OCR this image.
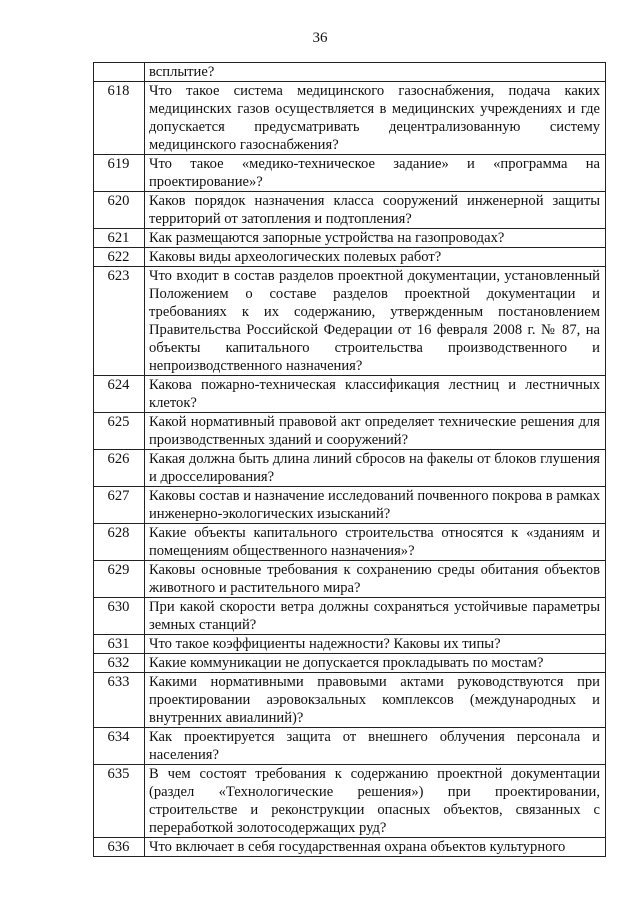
36
	всплытие?
618	Что такое система медицинского газоснабжения, подача каких медицинских газов осуществляется в медицинских учреждениях и где допускается предусматривать децентрализованную систему медицинского газоснабжения?
619	Что такое «медико-техническое задание» и «программа на проектирование»?
620	Каков порядок назначения класса сооружений инженерной защиты территорий от затопления и подтопления?
621	Как размещаются запорные устройства на газопроводах?
622	Каковы виды археологических полевых работ?
623	Что входит в состав разделов проектной документации, установленный Положением о составе разделов проектной документации и требованиях к их содержанию, утвержденным постановлением Правительства Российской Федерации от 16 февраля 2008 г. № 87, на объекты капитального строительства производственного и непроизводственного назначения?
624	Какова пожарно-техническая классификация лестниц и лестничных клеток?
625	Какой нормативный правовой акт определяет технические решения для производственных зданий и сооружений?
626	Какая должна быть длина линий сбросов на факелы от блоков глушения и дросселирования?
627	Каковы состав и назначение исследований почвенного покрова в рамках инженерно-экологических изысканий?
628	Какие объекты капитального строительства относятся к «зданиям и помещениям общественного назначения»?
629	Каковы основные требования к сохранению среды обитания объектов животного и растительного мира?
630	При какой скорости ветра должны сохраняться устойчивые параметры земных станций?
631	Что такое коэффициенты надежности? Каковы их типы?
632	Какие коммуникации не допускается прокладывать по мостам?
633	Какими нормативными правовыми актами руководствуются при проектировании аэровокзальных комплексов (международных и внутренних авиалиний)?
634	Как проектируется защита от внешнего облучения персонала и населения?
635	В чем состоят требования к содержанию проектной документации (раздел «Технологические решения») при проектировании, строительстве и реконструкции опасных объектов, связанных с переработкой золотосодержащих руд?
636	Что включает в себя государственная охрана объектов культурного
